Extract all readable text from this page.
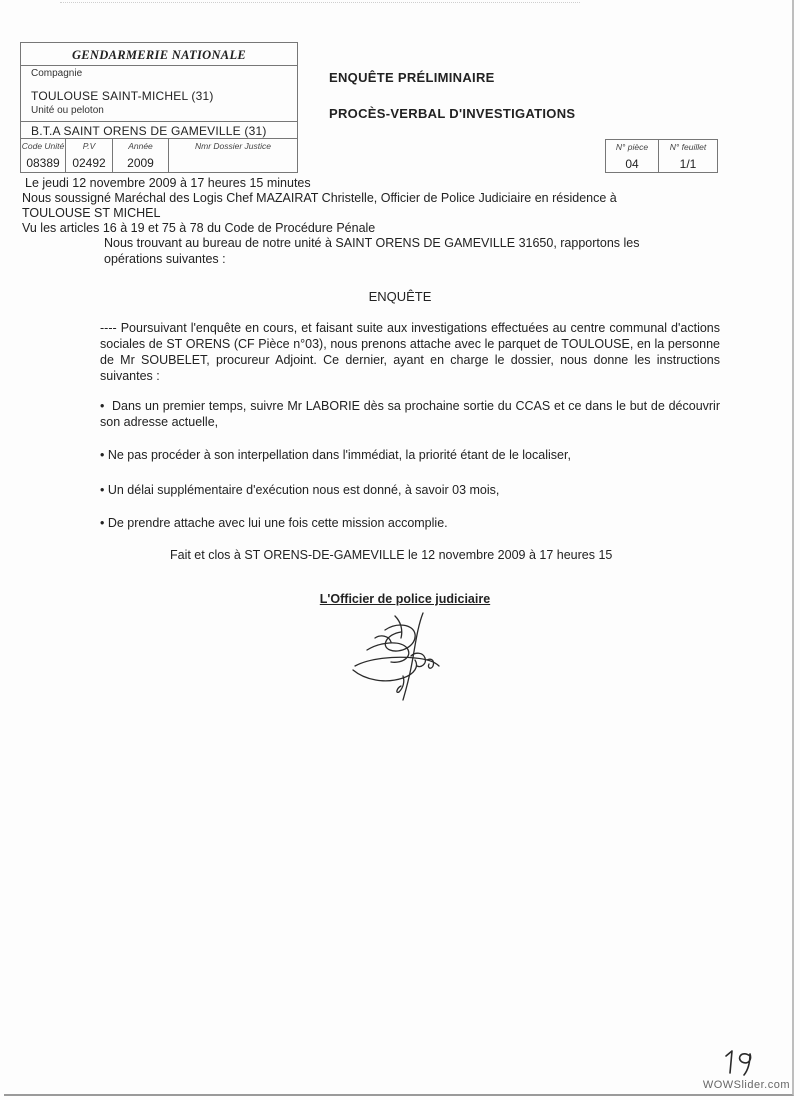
GENDARMERIE NATIONALE
Compagnie
TOULOUSE SAINT-MICHEL (31)
Unité ou peloton
B.T.A SAINT ORENS DE GAMEVILLE (31)
Code Unité
08389
P.V
02492
Année
2009
Nmr Dossier Justice
ENQUÊTE PRÉLIMINAIRE
PROCÈS-VERBAL D'INVESTIGATIONS
N° pièce
04
N° feuillet
1/1
Le jeudi 12 novembre 2009 à 17 heures 15 minutes
Nous soussigné Maréchal des Logis Chef MAZAIRAT Christelle, Officier de Police Judiciaire en résidence à
TOULOUSE ST MICHEL
Vu les articles 16 à 19 et 75 à 78 du Code de Procédure Pénale
Nous trouvant au bureau de notre unité à SAINT ORENS DE GAMEVILLE 31650, rapportons les opérations suivantes :
ENQUÊTE
---- Poursuivant l'enquête en cours, et faisant suite aux investigations effectuées au centre communal d'actions sociales de ST ORENS (CF Pièce n°03), nous prenons attache avec le parquet de TOULOUSE, en la personne de Mr SOUBELET, procureur Adjoint. Ce dernier, ayant en charge le dossier, nous donne les instructions suivantes :
•  Dans un premier temps, suivre Mr LABORIE dès sa prochaine sortie du CCAS et ce dans le but de découvrir son adresse actuelle,
• Ne pas procéder à son interpellation dans l'immédiat, la priorité étant de le localiser,
• Un délai supplémentaire d'exécution nous est donné, à savoir 03 mois,
• De prendre attache avec lui une fois cette mission accomplie.
Fait et clos à ST ORENS-DE-GAMEVILLE le 12 novembre 2009 à 17 heures 15
L'Officier de police judiciaire
WOWSlider.com
